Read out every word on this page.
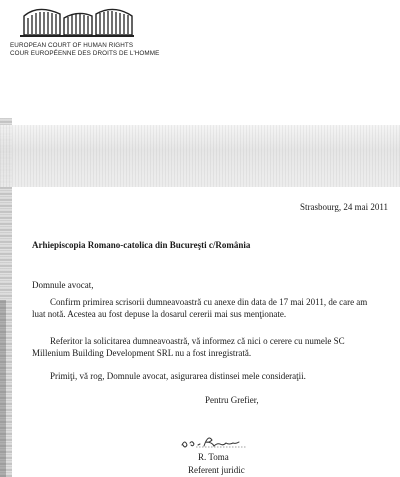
EUROPEAN COURT OF HUMAN RIGHTS
COUR EUROPÉENNE DES DROITS DE L'HOMME
Strasbourg, 24 mai 2011
Arhiepiscopia Romano-catolica din Bucureşti c/România
Domnule avocat,
Confirm primirea scrisorii dumneavoastră cu anexe din data de 17 mai 2011, de care am luat notă. Acestea au fost depuse la dosarul cererii mai sus menţionate.
Referitor la solicitarea dumneavoastră, vă informez că nici o cerere cu numele SC Millenium Building Development SRL nu a fost inregistrată.
Primiţi, vă rog, Domnule avocat, asigurarea distinsei mele consideraţii.
Pentru Grefier,
R. Toma
Referent juridic
